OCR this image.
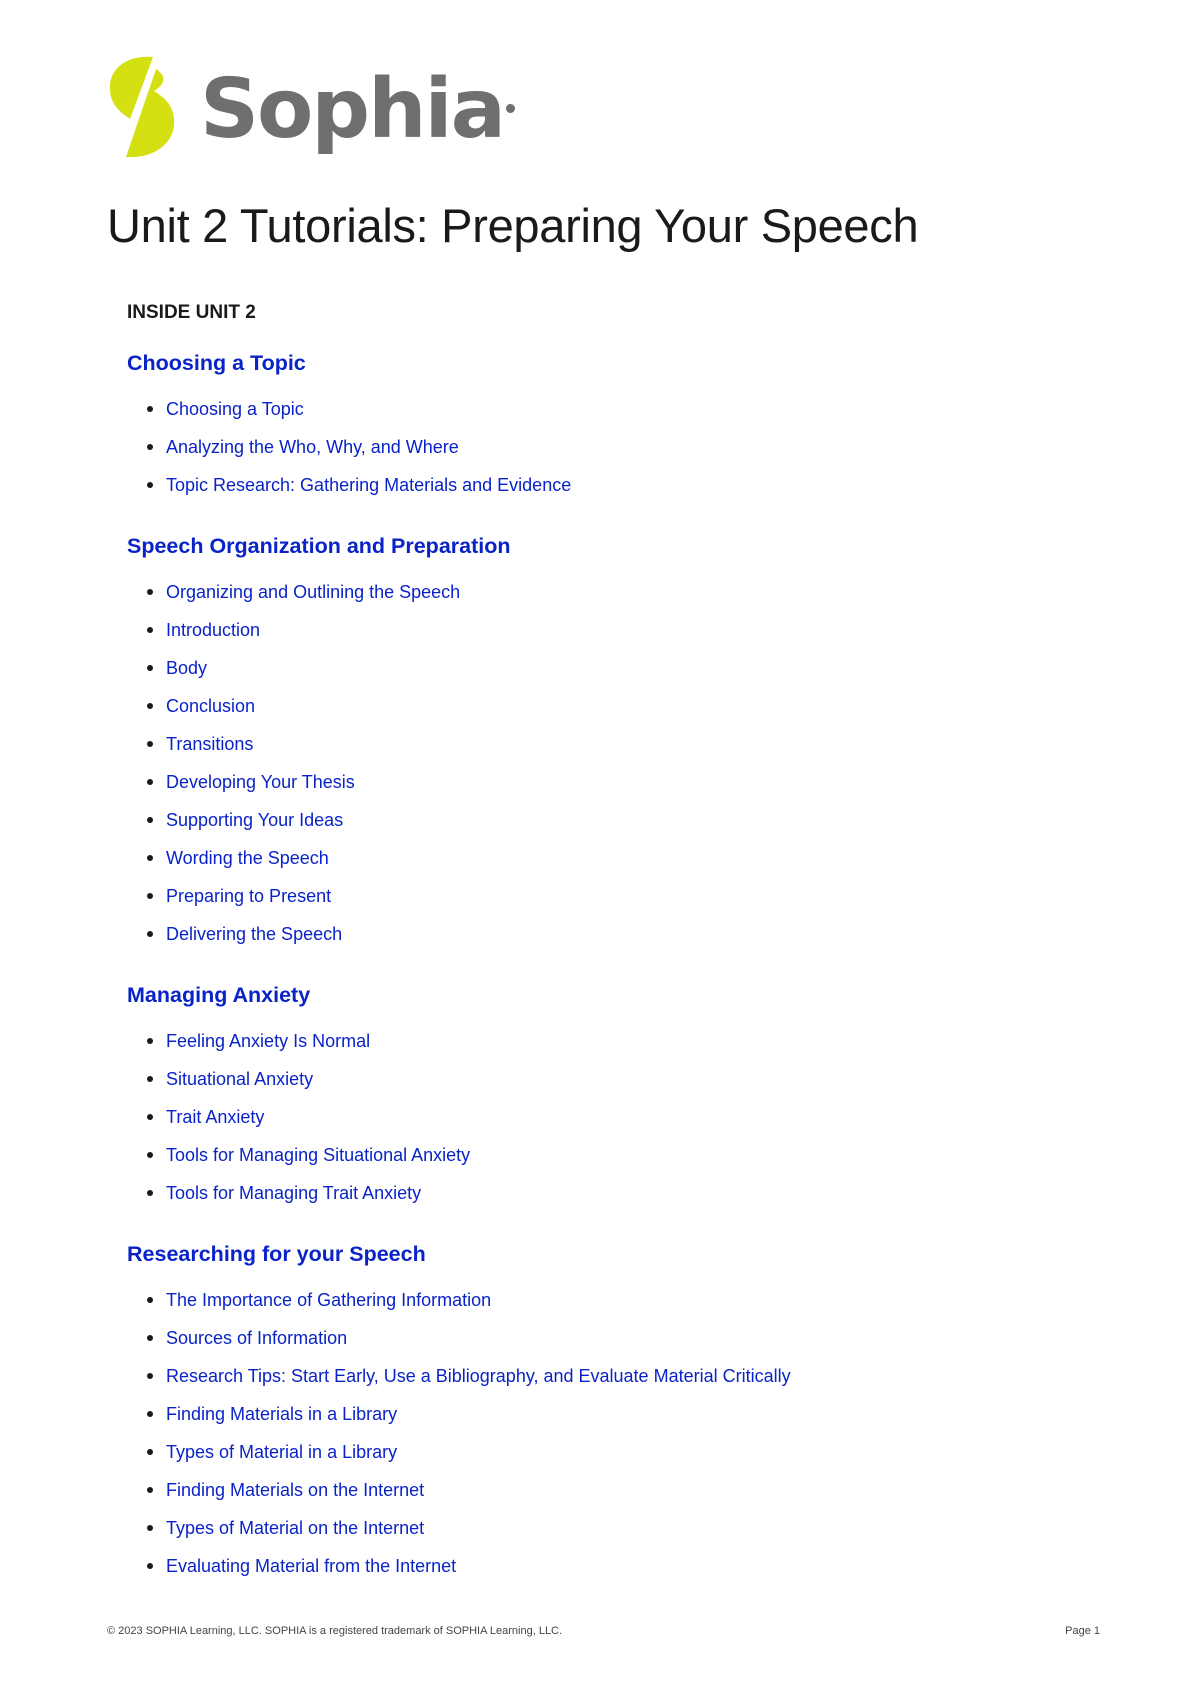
Sophia
Unit 2 Tutorials: Preparing Your Speech
INSIDE UNIT 2
Choosing a Topic
Choosing a Topic
Analyzing the Who, Why, and Where
Topic Research: Gathering Materials and Evidence
Speech Organization and Preparation
Organizing and Outlining the Speech
Introduction
Body
Conclusion
Transitions
Developing Your Thesis
Supporting Your Ideas
Wording the Speech
Preparing to Present
Delivering the Speech
Managing Anxiety
Feeling Anxiety Is Normal
Situational Anxiety
Trait Anxiety
Tools for Managing Situational Anxiety
Tools for Managing Trait Anxiety
Researching for your Speech
The Importance of Gathering Information
Sources of Information
Research Tips: Start Early, Use a Bibliography, and Evaluate Material Critically
Finding Materials in a Library
Types of Material in a Library
Finding Materials on the Internet
Types of Material on the Internet
Evaluating Material from the Internet
© 2023 SOPHIA Learning, LLC. SOPHIA is a registered trademark of SOPHIA Learning, LLC.	Page 1
